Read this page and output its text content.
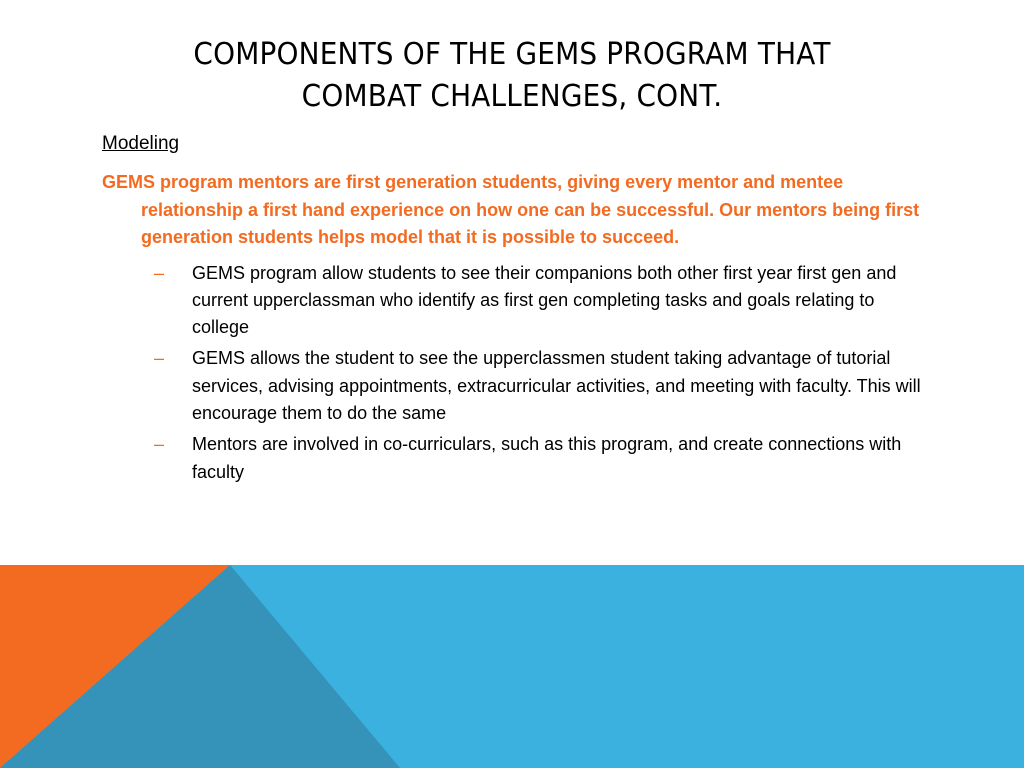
COMPONENTS OF THE GEMS PROGRAM THAT
COMBAT CHALLENGES, CONT.
Modeling

GEMS program mentors are first generation students, giving every mentor and mentee relationship a first hand experience on how one can be successful. Our mentors being first generation students helps model that it is possible to succeed.

– GEMS program allow students to see their companions both other first year first gen and current upperclassman who identify as first gen completing tasks and goals relating to college
– GEMS allows the student to see the upperclassmen student taking advantage of tutorial services, advising appointments, extracurricular activities, and meeting with faculty. This will encourage them to do the same
– Mentors are involved in co-curriculars, such as this program, and create connections with faculty
